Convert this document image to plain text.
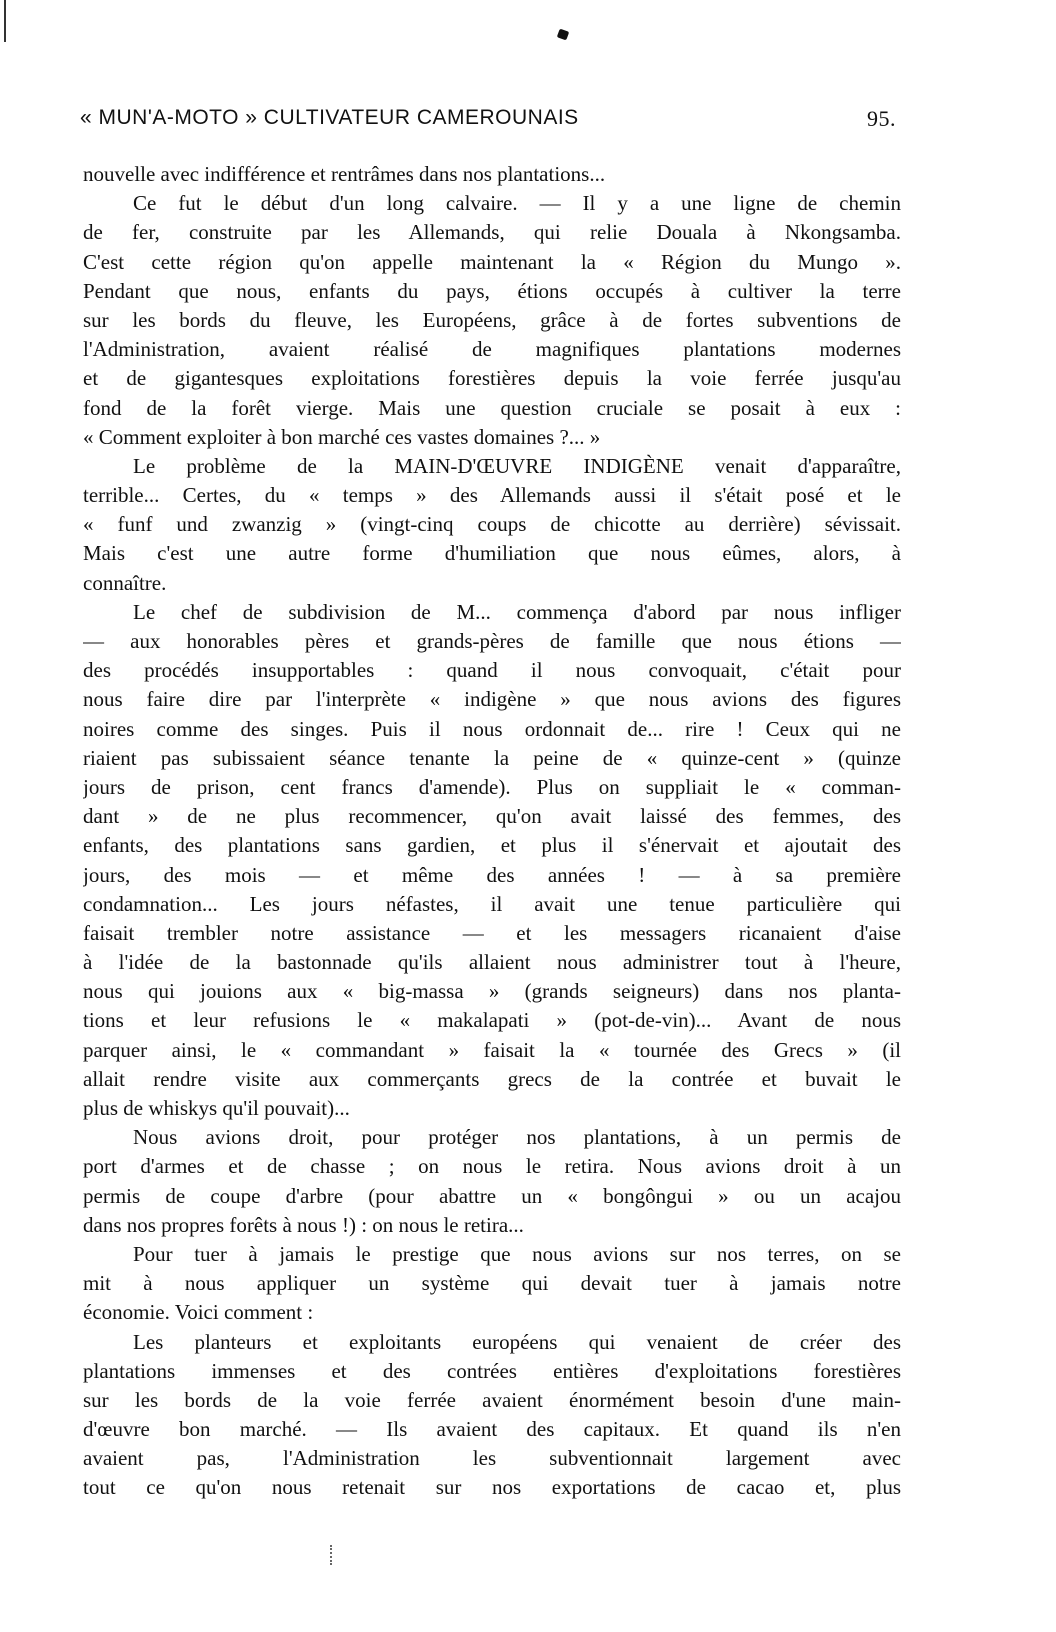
« MUN'A-MOTO » CULTIVATEUR CAMEROUNAIS	95.
nouvelle avec indifférence et rentrâmes dans nos plantations...
Ce fut le début d'un long calvaire. — Il y a une ligne de chemin
de fer, construite par les Allemands, qui relie Douala à Nkongsamba.
C'est cette région qu'on appelle maintenant la « Région du Mungo ».
Pendant que nous, enfants du pays, étions occupés à cultiver la terre
sur les bords du fleuve, les Européens, grâce à de fortes subventions de
l'Administration, avaient réalisé de magnifiques plantations modernes
et de gigantesques exploitations forestières depuis la voie ferrée jusqu'au
fond de la forêt vierge. Mais une question cruciale se posait à eux :
« Comment exploiter à bon marché ces vastes domaines ?... »
Le problème de la MAIN-D'ŒUVRE INDIGÈNE venait d'apparaître,
terrible... Certes, du « temps » des Allemands aussi il s'était posé et le
« funf und zwanzig » (vingt-cinq coups de chicotte au derrière) sévissait.
Mais c'est une autre forme d'humiliation que nous eûmes, alors, à
connaître.
Le chef de subdivision de M... commença d'abord par nous infliger
— aux honorables pères et grands-pères de famille que nous étions —
des procédés insupportables : quand il nous convoquait, c'était pour
nous faire dire par l'interprète « indigène » que nous avions des figures
noires comme des singes. Puis il nous ordonnait de... rire ! Ceux qui ne
riaient pas subissaient séance tenante la peine de « quinze-cent » (quinze
jours de prison, cent francs d'amende). Plus on suppliait le « comman-
dant » de ne plus recommencer, qu'on avait laissé des femmes, des
enfants, des plantations sans gardien, et plus il s'énervait et ajoutait des
jours, des mois — et même des années ! — à sa première
condamnation... Les jours néfastes, il avait une tenue particulière qui
faisait trembler notre assistance — et les messagers ricanaient d'aise
à l'idée de la bastonnade qu'ils allaient nous administrer tout à l'heure,
nous qui jouions aux « big-massa » (grands seigneurs) dans nos planta-
tions et leur refusions le « makalapati » (pot-de-vin)... Avant de nous
parquer ainsi, le « commandant » faisait la « tournée des Grecs » (il
allait rendre visite aux commerçants grecs de la contrée et buvait le
plus de whiskys qu'il pouvait)...
Nous avions droit, pour protéger nos plantations, à un permis de
port d'armes et de chasse ; on nous le retira. Nous avions droit à un
permis de coupe d'arbre (pour abattre un « bongôngui » ou un acajou
dans nos propres forêts à nous !) : on nous le retira...
Pour tuer à jamais le prestige que nous avions sur nos terres, on se
mit à nous appliquer un système qui devait tuer à jamais notre
économie. Voici comment :
Les planteurs et exploitants européens qui venaient de créer des
plantations immenses et des contrées entières d'exploitations forestières
sur les bords de la voie ferrée avaient énormément besoin d'une main-
d'œuvre bon marché. — Ils avaient des capitaux. Et quand ils n'en
avaient pas, l'Administration les subventionnait largement avec
tout ce qu'on nous retenait sur nos exportations de cacao et, plus
